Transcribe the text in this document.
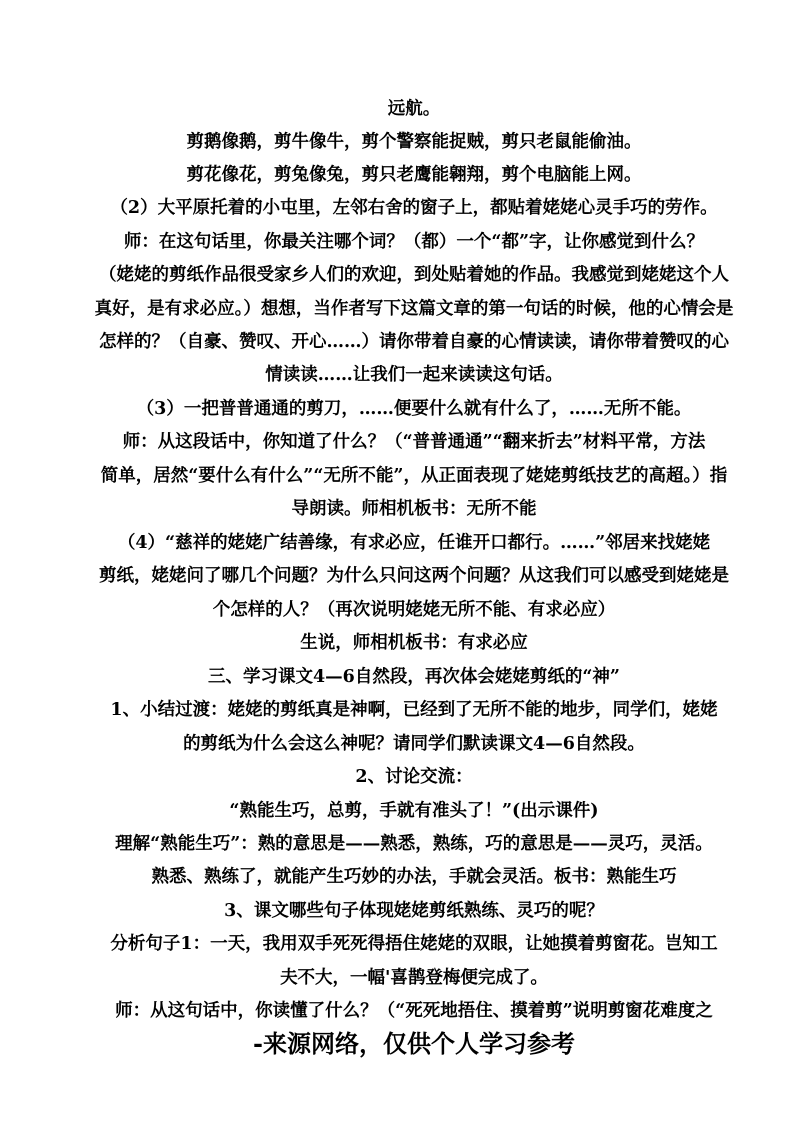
远航。
剪鹅像鹅，剪牛像牛，剪个警察能捉贼，剪只老鼠能偷油。
剪花像花，剪兔像兔，剪只老鹰能翱翔，剪个电脑能上网。
（2）大平原托着的小屯里，左邻右舍的窗子上，都贴着姥姥心灵手巧的劳作。
师：在这句话里，你最关注哪个词？（都）一个“都”字，让你感觉到什么？
（姥姥的剪纸作品很受家乡人们的欢迎，到处贴着她的作品。我感觉到姥姥这个人
真好，是有求必应。）想想，当作者写下这篇文章的第一句话的时候，他的心情会是
怎样的？（自豪、赞叹、开心……）请你带着自豪的心情读读，请你带着赞叹的心
情读读……让我们一起来读读这句话。
（3）一把普普通通的剪刀，……便要什么就有什么了，……无所不能。
师：从这段话中，你知道了什么？（“普普通通”“翻来折去”材料平常，方法
简单，居然“要什么有什么”“无所不能”，从正面表现了姥姥剪纸技艺的高超。）指
导朗读。师相机板书：无所不能
（4）“慈祥的姥姥广结善缘，有求必应，任谁开口都行。……”邻居来找姥姥
剪纸，姥姥问了哪几个问题？为什么只问这两个问题？从这我们可以感受到姥姥是
个怎样的人？（再次说明姥姥无所不能、有求必应）
生说，师相机板书：有求必应
三、学习课文4—6自然段，再次体会姥姥剪纸的“神”
1、小结过渡：姥姥的剪纸真是神啊，已经到了无所不能的地步，同学们，姥姥
的剪纸为什么会这么神呢？请同学们默读课文4—6自然段。
2、讨论交流：
“熟能生巧，总剪，手就有准头了！”(出示课件)
理解“熟能生巧”：熟的意思是——熟悉，熟练，巧的意思是——灵巧，灵活。
熟悉、熟练了，就能产生巧妙的办法，手就会灵活。板书：熟能生巧
3、课文哪些句子体现姥姥剪纸熟练、灵巧的呢？
分析句子1：一天，我用双手死死得捂住姥姥的双眼，让她摸着剪窗花。岂知工
夫不大，一幅'喜鹊登梅便完成了。
师：从这句话中，你读懂了什么？（“死死地捂住、摸着剪”说明剪窗花难度之
-来源网络，仅供个人学习参考
